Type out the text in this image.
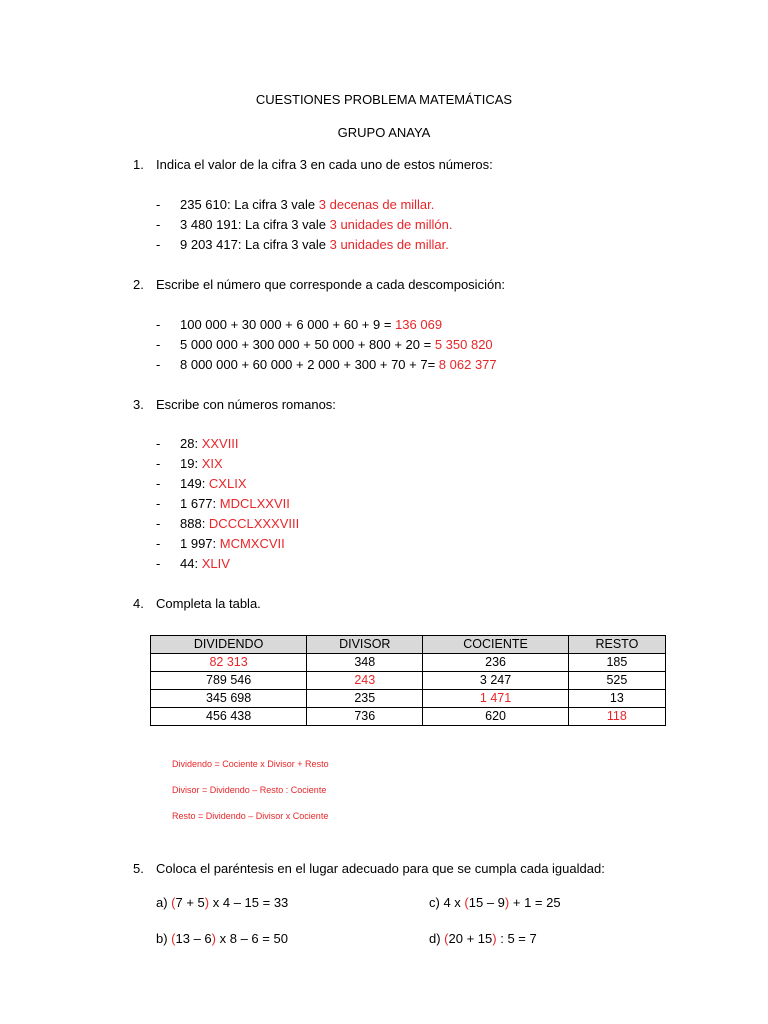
CUESTIONES PROBLEMA MATEMÁTICAS
GRUPO ANAYA
1. Indica el valor de la cifra 3 en cada uno de estos números:
- 235 610: La cifra 3 vale 3 decenas de millar.
- 3 480 191: La cifra 3 vale 3 unidades de millón.
- 9 203 417: La cifra 3 vale 3 unidades de millar.
2. Escribe el número que corresponde a cada descomposición:
- 100 000 + 30 000 + 6 000 + 60 + 9 = 136 069
- 5 000 000 + 300 000 + 50 000 + 800 + 20 = 5 350 820
- 8 000 000 + 60 000 + 2 000 + 300 + 70 + 7= 8 062 377
3. Escribe con números romanos:
- 28: XXVIII
- 19: XIX
- 149: CXLIX
- 1 677: MDCLXXVII
- 888: DCCCLXXXVIII
- 1 997: MCMXCVII
- 44: XLIV
4. Completa la tabla.
DIVIDENDO	DIVISOR	COCIENTE	RESTO
82 313	348	236	185
789 546	243	3 247	525
345 698	235	1 471	13
456 438	736	620	118
Dividendo = Cociente x Divisor + Resto
Divisor = Dividendo – Resto : Cociente
Resto = Dividendo – Divisor x Cociente
5. Coloca el paréntesis en el lugar adecuado para que se cumpla cada igualdad:
a) (7 + 5) x 4 – 15 = 33	c) 4 x (15 – 9) + 1 = 25
b) (13 – 6) x 8 – 6 = 50	d) (20 + 15) : 5 = 7
